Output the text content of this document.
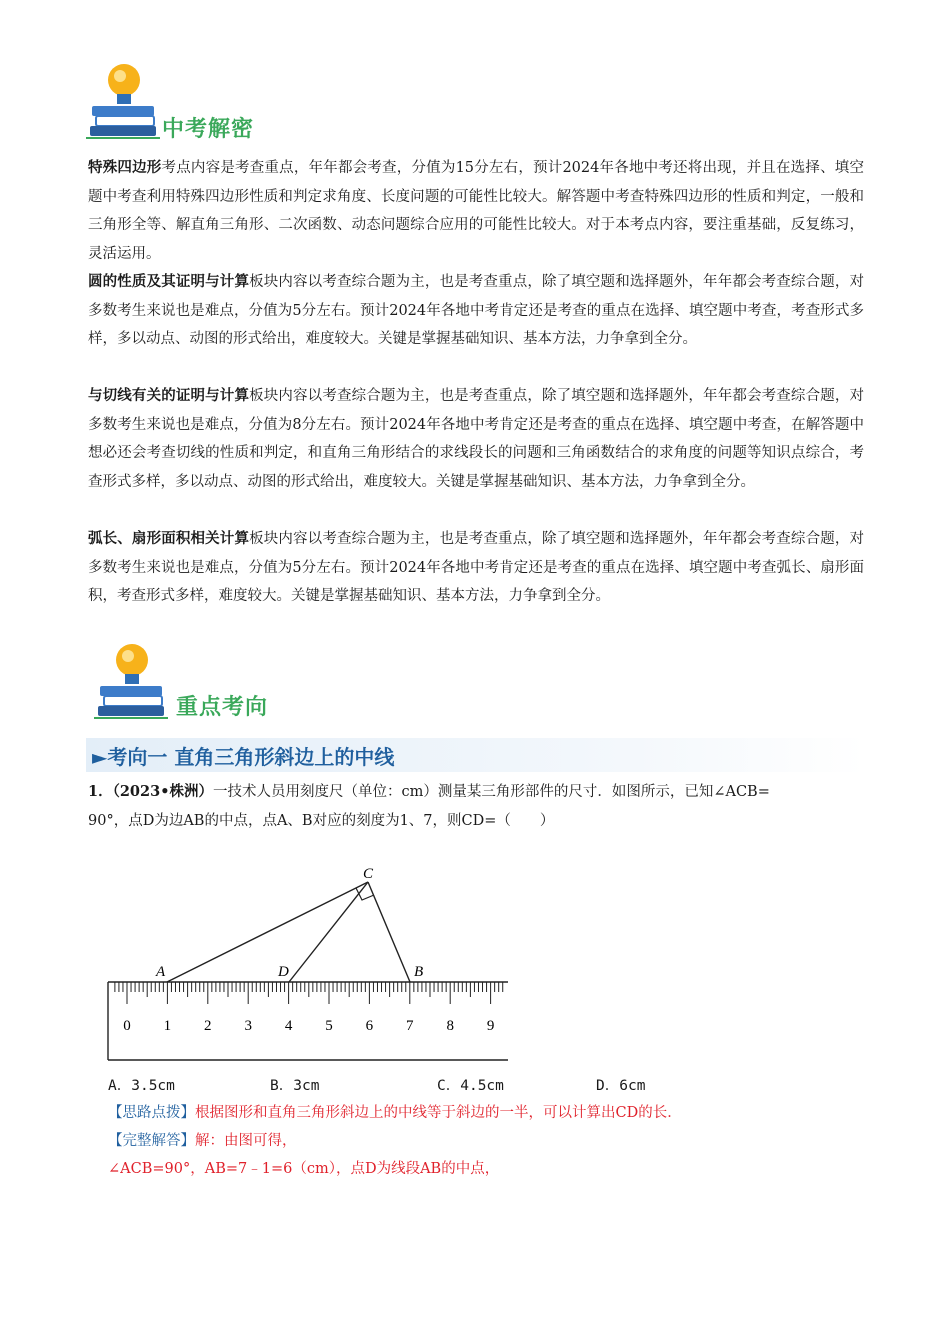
中考解密

特殊四边形考点内容是考查重点，年年都会考查，分值为15分左右，预计2024年各地中考还将出现，并且在选择、填空题中考查利用特殊四边形性质和判定求角度、长度问题的可能性比较大。解答题中考查特殊四边形的性质和判定，一般和三角形全等、解直角三角形、二次函数、动态问题综合应用的可能性比较大。对于本考点内容，要注重基础，反复练习，灵活运用。

圆的性质及其证明与计算板块内容以考查综合题为主，也是考查重点，除了填空题和选择题外，年年都会考查综合题，对多数考生来说也是难点，分值为5分左右。预计2024年各地中考肯定还是考查的重点在选择、填空题中考查，考查形式多样，多以动点、动图的形式给出，难度较大。关键是掌握基础知识、基本方法，力争拿到全分。

与切线有关的证明与计算板块内容以考查综合题为主，也是考查重点，除了填空题和选择题外，年年都会考查综合题，对多数考生来说也是难点，分值为8分左右。预计2024年各地中考肯定还是考查的重点在选择、填空题中考查，在解答题中想必还会考查切线的性质和判定，和直角三角形结合的求线段长的问题和三角函数结合的求角度的问题等知识点综合，考查形式多样，多以动点、动图的形式给出，难度较大。关键是掌握基础知识、基本方法，力争拿到全分。

弧长、扇形面积相关计算板块内容以考查综合题为主，也是考查重点，除了填空题和选择题外，年年都会考查综合题，对多数考生来说也是难点，分值为5分左右。预计2024年各地中考肯定还是考查的重点在选择、填空题中考查弧长、扇形面积，考查形式多样，难度较大。关键是掌握基础知识、基本方法，力争拿到全分。

重点考向
►考向一 直角三角形斜边上的中线

1．（2023•株洲）一技术人员用刻度尺（单位：cm）测量某三角形部件的尺寸．如图所示，已知∠ACB=
90°，点D为边AB的中点，点A、B对应的刻度为1、7，则CD=（　　）

0 1 2 3 4 5 6 7 8 9
A	B
C
D
A．3.5cm	B．3cm	C．4.5cm	D．6cm
【思路点拨】根据图形和直角三角形斜边上的中线等于斜边的一半，可以计算出CD的长．
【完整解答】解：由图可得，
∠ACB=90°，AB=7﹣1=6（cm），点D为线段AB的中点，
